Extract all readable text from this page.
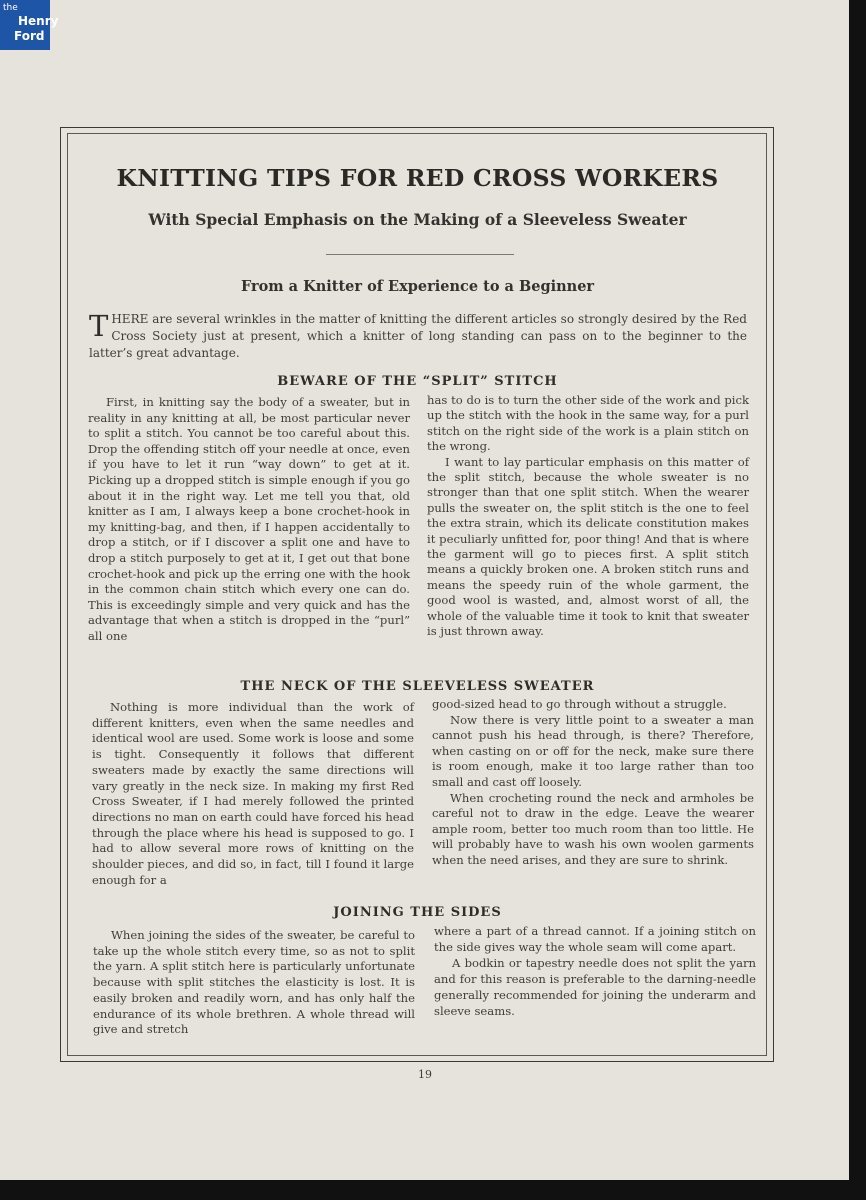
the
Henry
Ford
KNITTING TIPS FOR RED CROSS WORKERS
With Special Emphasis on the Making of a Sleeveless Sweater
From a Knitter of Experience to a Beginner

THERE are several wrinkles in the matter of knitting the different articles so strongly desired by the Red Cross Society just at present, which a knitter of long standing can pass on to the beginner to the latter’s great advantage.

BEWARE OF THE “SPLIT” STITCH

First, in knitting say the body of a sweater, but in reality in any knitting at all, be most particular never to split a stitch. You cannot be too careful about this. Drop the offending stitch off your needle at once, even if you have to let it run “way down” to get at it. Picking up a dropped stitch is simple enough if you go about it in the right way. Let me tell you that, old knitter as I am, I always keep a bone crochet-hook in my knitting-bag, and then, if I happen accidentally to drop a stitch, or if I discover a split one and have to drop a stitch purposely to get at it, I get out that bone crochet-hook and pick up the erring one with the hook in the common chain stitch which every one can do. This is exceedingly simple and very quick and has the advantage that when a stitch is dropped in the “purl” all one

has to do is to turn the other side of the work and pick up the stitch with the hook in the same way, for a purl stitch on the right side of the work is a plain stitch on the wrong.

I want to lay particular emphasis on this matter of the split stitch, because the whole sweater is no stronger than that one split stitch. When the wearer pulls the sweater on, the split stitch is the one to feel the extra strain, which its delicate constitution makes it peculiarly unfitted for, poor thing! And that is where the garment will go to pieces first. A split stitch means a quickly broken one. A broken stitch runs and means the speedy ruin of the whole garment, the good wool is wasted, and, almost worst of all, the whole of the valuable time it took to knit that sweater is just thrown away.

THE NECK OF THE SLEEVELESS SWEATER

Nothing is more individual than the work of different knitters, even when the same needles and identical wool are used. Some work is loose and some is tight. Consequently it follows that different sweaters made by exactly the same directions will vary greatly in the neck size. In making my first Red Cross Sweater, if I had merely followed the printed directions no man on earth could have forced his head through the place where his head is supposed to go. I had to allow several more rows of knitting on the shoulder pieces, and did so, in fact, till I found it large enough for a

good-sized head to go through without a struggle.

Now there is very little point to a sweater a man cannot push his head through, is there? Therefore, when casting on or off for the neck, make sure there is room enough, make it too large rather than too small and cast off loosely.

When crocheting round the neck and armholes be careful not to draw in the edge. Leave the wearer ample room, better too much room than too little. He will probably have to wash his own woolen garments when the need arises, and they are sure to shrink.

JOINING THE SIDES

When joining the sides of the sweater, be careful to take up the whole stitch every time, so as not to split the yarn. A split stitch here is particularly unfortunate because with split stitches the elasticity is lost. It is easily broken and readily worn, and has only half the endurance of its whole brethren. A whole thread will give and stretch

where a part of a thread cannot. If a joining stitch on the side gives way the whole seam will come apart.

A bodkin or tapestry needle does not split the yarn and for this reason is preferable to the darning-needle generally recommended for joining the underarm and sleeve seams.

19
